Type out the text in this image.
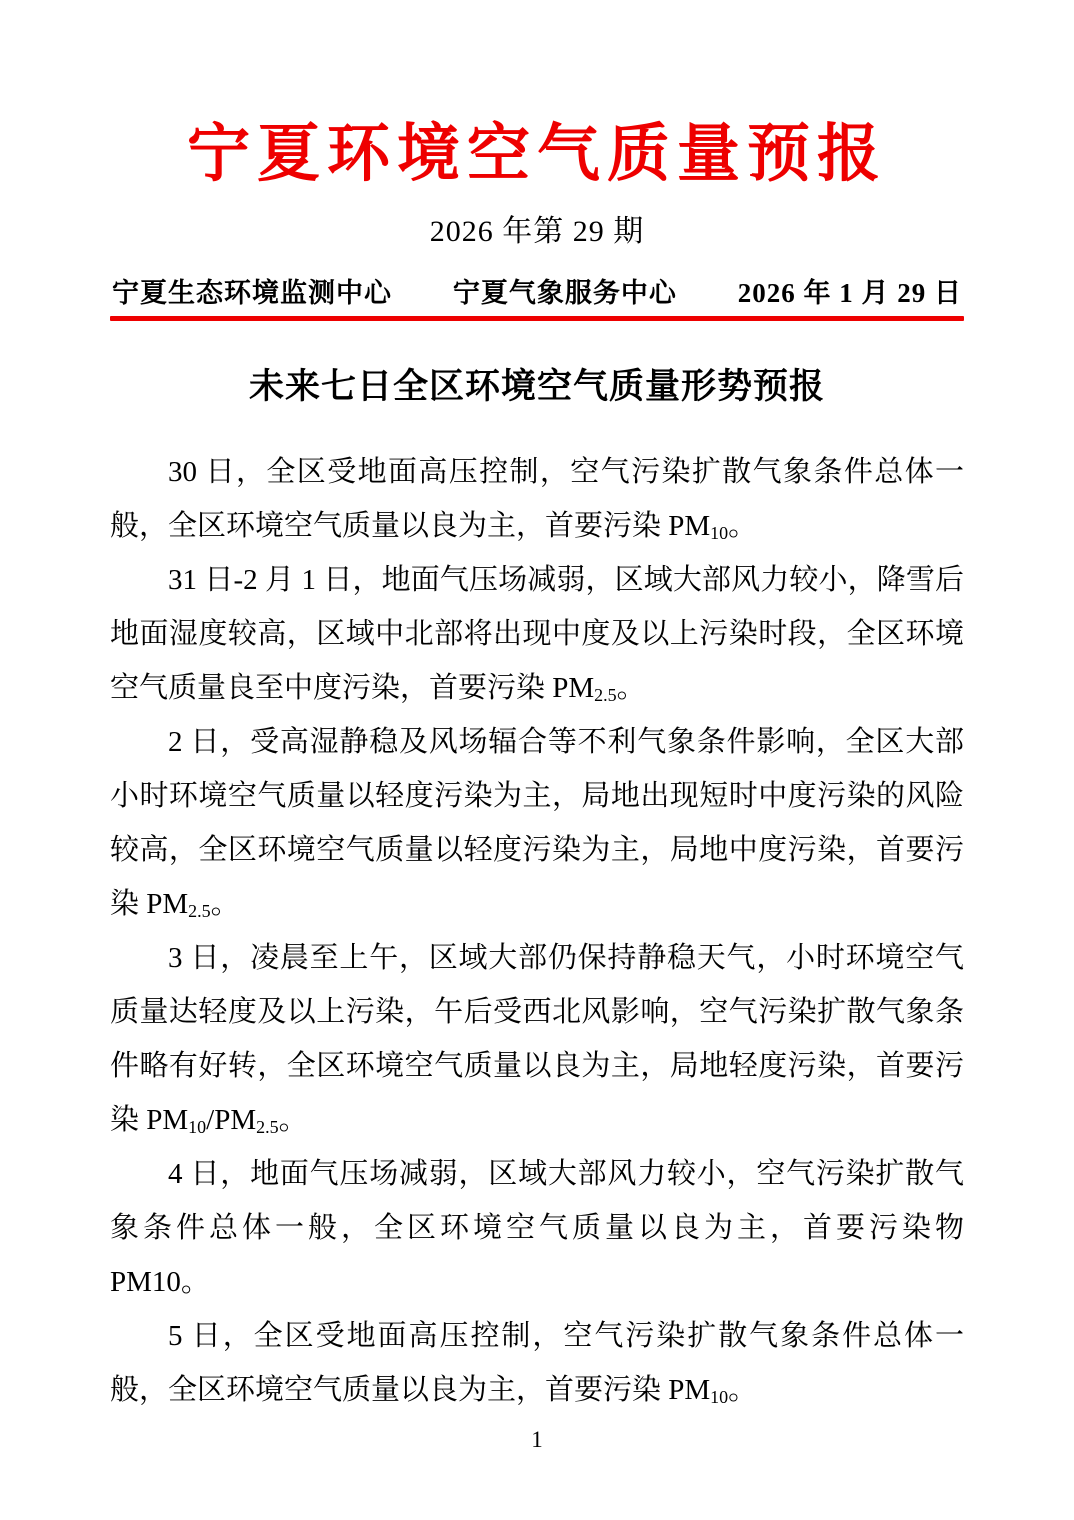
宁夏环境空气质量预报
2026 年第 29 期
宁夏生态环境监测中心 宁夏气象服务中心 2026 年 1 月 29 日
未来七日全区环境空气质量形势预报

30 日，全区受地面高压控制，空气污染扩散气象条件总体一般，全区环境空气质量以良为主，首要污染 $PM_{10}$。

31 日-2 月 1 日，地面气压场减弱，区域大部风力较小，降雪后地面湿度较高，区域中北部将出现中度及以上污染时段，全区环境空气质量良至中度污染，首要污染 $PM_{2.5}$。

2 日，受高湿静稳及风场辐合等不利气象条件影响，全区大部小时环境空气质量以轻度污染为主，局地出现短时中度污染的风险较高，全区环境空气质量以轻度污染为主，局地中度污染，首要污染 $PM_{2.5}$。

3 日，凌晨至上午，区域大部仍保持静稳天气，小时环境空气质量达轻度及以上污染，午后受西北风影响，空气污染扩散气象条件略有好转，全区环境空气质量以良为主，局地轻度污染，首要污染 $PM_{10}/PM_{2.5}$。

4 日，地面气压场减弱，区域大部风力较小，空气污染扩散气象条件总体一般，全区环境空气质量以良为主，首要污染物 PM10。

5 日，全区受地面高压控制，空气污染扩散气象条件总体一般，全区环境空气质量以良为主，首要污染 $PM_{10}$。

1
